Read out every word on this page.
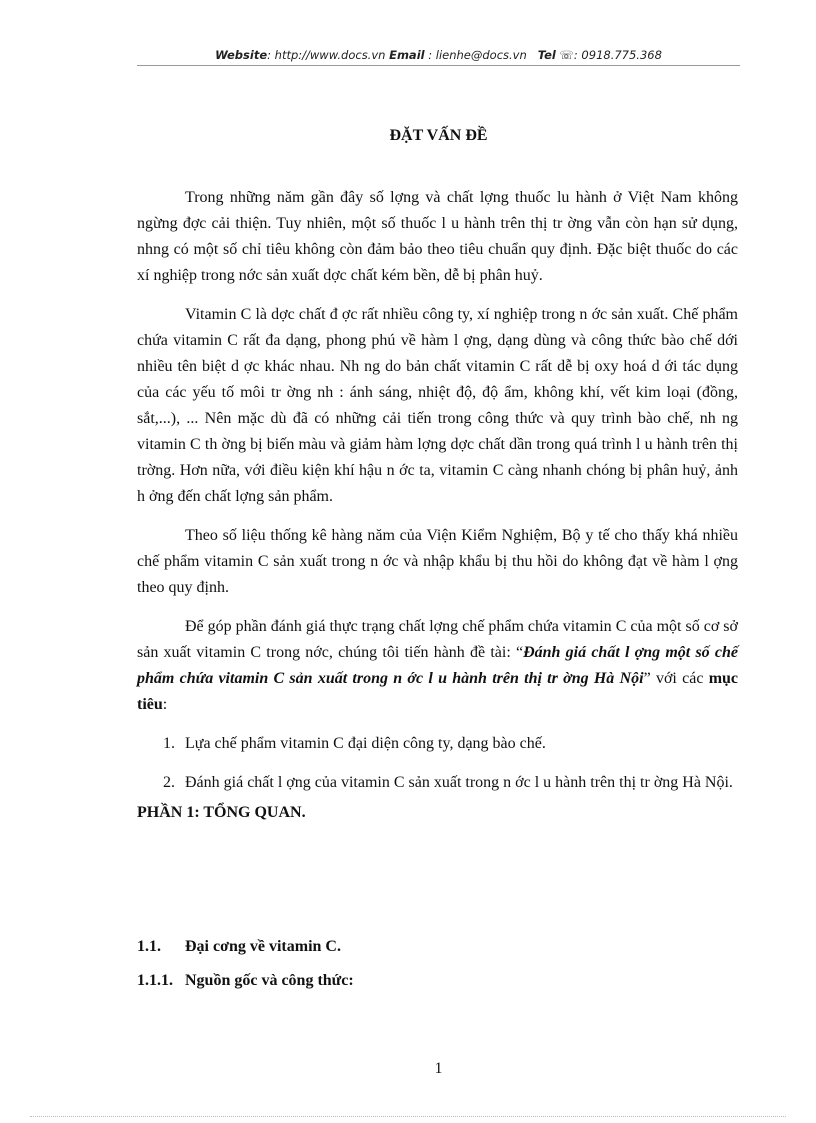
Website: http://www.docs.vn Email : lienhe@docs.vn Tel ☏: 0918.775.368
ĐẶT VẤN ĐỀ

Trong những năm gần đây số lợng và chất lợng thuốc lu hành ở Việt Nam không ngừng đợc cải thiện. Tuy nhiên, một số thuốc l u hành trên thị tr ờng vẫn còn hạn sử dụng, nhng có một số chỉ tiêu không còn đảm bảo theo tiêu chuẩn quy định. Đặc biệt thuốc do các xí nghiệp trong nớc sản xuất dợc chất kém bền, dễ bị phân huỷ.

Vitamin C là dợc chất đ ợc rất nhiều công ty, xí nghiệp trong n ớc sản xuất. Chế phẩm chứa vitamin C rất đa dạng, phong phú về hàm l ợng, dạng dùng và công thức bào chế dới nhiều tên biệt d ợc khác nhau. Nh ng do bản chất vitamin C rất dễ bị oxy hoá d ới tác dụng của các yếu tố môi tr ờng nh : ánh sáng, nhiệt độ, độ ẩm, không khí, vết kim loại (đồng, sắt,...), ... Nên mặc dù đã có những cải tiến trong công thức và quy trình bào chế, nh ng vitamin C th ờng bị biến màu và giảm hàm lợng dợc chất dần trong quá trình l u hành trên thị trờng. Hơn nữa, với điều kiện khí hậu n ớc ta, vitamin C càng nhanh chóng bị phân huỷ, ảnh h ởng đến chất lợng sản phẩm.

Theo số liệu thống kê hàng năm của Viện Kiểm Nghiệm, Bộ y tế cho thấy khá nhiều chế phẩm vitamin C sản xuất trong n ớc và nhập khẩu bị thu hồi do không đạt về hàm l ợng theo quy định.

Để góp phần đánh giá thực trạng chất lợng chế phẩm chứa vitamin C của một số cơ sở sản xuất vitamin C trong nớc, chúng tôi tiến hành đề tài: “Đánh giá chất l ợng một số chế phẩm chứa vitamin C sản xuất trong n ớc l u hành trên thị tr ờng Hà Nội” với các mục tiêu:

1. Lựa chế phẩm vitamin C đại diện công ty, dạng bào chế.

2. Đánh giá chất l ợng của vitamin C sản xuất trong n ớc l u hành trên thị tr ờng Hà Nội.

PHẦN 1: TỔNG QUAN.

1.1. Đại cơng về vitamin C.
1.1.1. Nguồn gốc và công thức:
1
